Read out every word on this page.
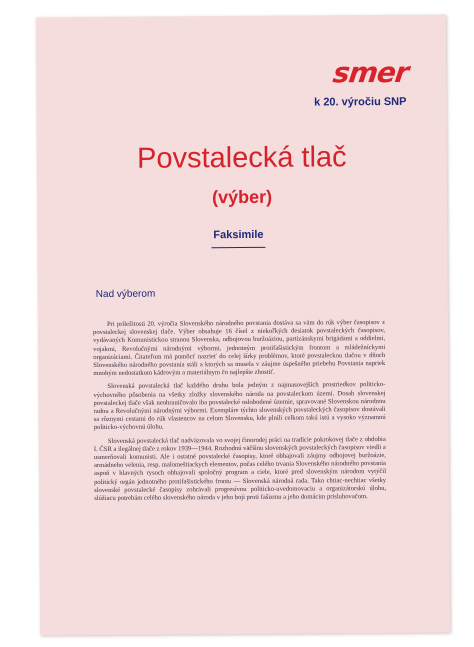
smer
k 20. výročiu SNP
Povstalecká tlač
(výber)
Faksimile
Nad výberom

Pri príležitosti 20. výročia Slovenského národného povstania dostáva sa vám do rúk výber časopisov z povstaleckej slovenskej tlače. Výber obsahuje 16 čísel z niekoľkých desiatok povstaleckých časopisov, vydávaných Komunistickou stranou Slovenska, odbojovou buržoáziou, partizánskymi brigádami a oddielmi, vojakmi, Revolučnými národnými výbormi, jednotným protifašistickým frontom a mládežníckymi organizáciami. Čitateľom má pomôcť nazrieť do celej šírky problémov, ktoré povstaleckou tlačou v dňoch Slovenského národného povstania stáli a ktorých sa musela v záujme úspešného priebehu Povstania napriek mnohým nedostatkom kádrovým a materiálnym čo najlepšie zhostiť.

Slovenská povstalecká tlač každého druhu bola jedným z najmasovejších prostriedkov politicko-výchovného pôsobenia na všetky zložky slovenského národa na povstaleckom území. Dosah slovenskej povstaleckej tlače však neohraničovalo iba povstalecké oslobodené územie, spravované Slovenskou národnou radou a Revolučnými národnými výbormi. Exempláre týchto slovenských povstaleckých časopisov dostávali sa rôznymi cestami do rúk vlastencov na celom Slovensku, kde plnili celkom takú istú a vysoko významnú politicko-výchovnú úlohu.

Slovenská povstalecká tlač nadväzovala vo svojej činorodej práci na tradície pokrokovej tlače z obdobia I. ČSR a ilegálnej tlače z rokov 1939—1944. Rozhodnú väčšinu slovenských povstaleckých časopisov viedli a usmerňovali komunisti. Ale i ostatné povstalecké časopisy, ktoré obhajovali záujmy odbojovej buržoázie, armádneho velenia, resp. malomeštiackych elementov, počas celého trvania Slovenského národného povstania aspoň v hlavných rysoch obhajovali spoločný program a ciele, ktoré pred slovenským národom vytýčil politický orgán jednotného protifašistického frontu — Slovenská národná rada. Tako chtiac-nechtiac všetky slovenské povstalecké časopisy zohrávali progresívnu politicko-uvedomovaciu a organizátorskú úlohu, slúžiacu potrebám celého slovenského národa v jeho boji proti fašizmu a jeho domácim prisluhovačom.
